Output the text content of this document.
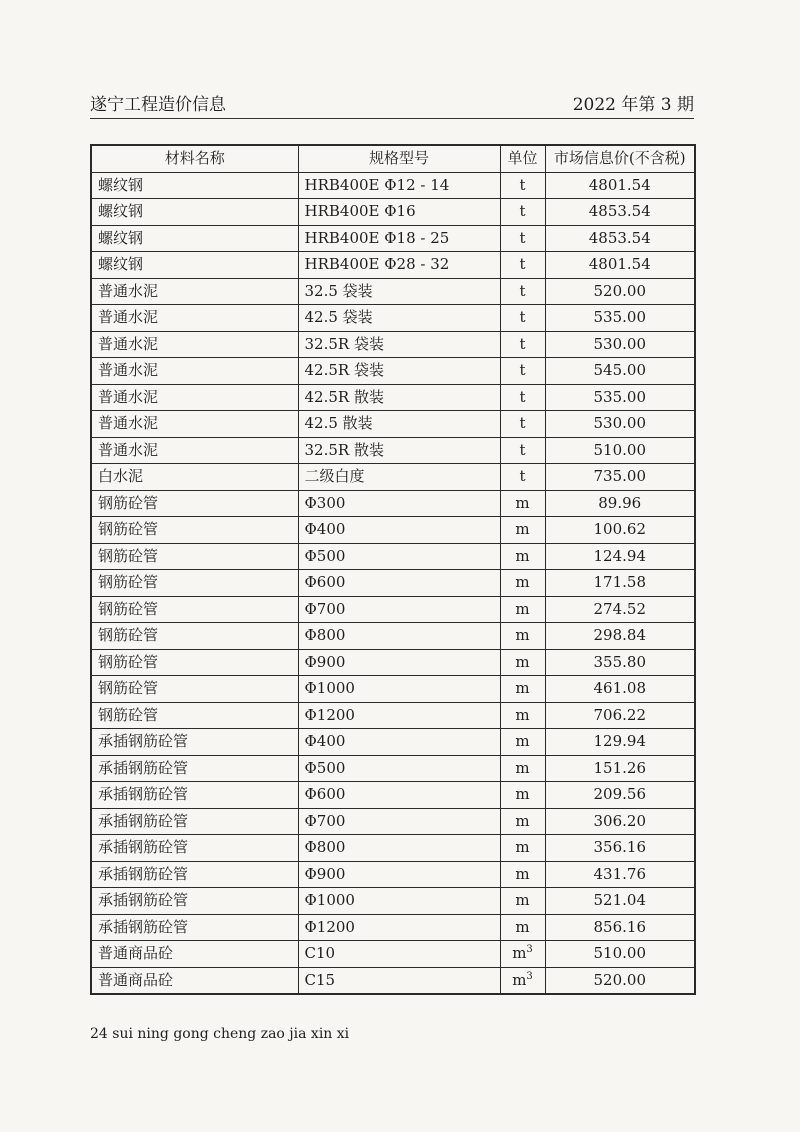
遂宁工程造价信息	2022 年第 3 期
材料名称	规格型号	单位	市场信息价(不含税)
螺纹钢	HRB400E Φ12 - 14	t	4801.54
螺纹钢	HRB400E Φ16	t	4853.54
螺纹钢	HRB400E Φ18 - 25	t	4853.54
螺纹钢	HRB400E Φ28 - 32	t	4801.54
普通水泥	32.5 袋装	t	520.00
普通水泥	42.5 袋装	t	535.00
普通水泥	32.5R 袋装	t	530.00
普通水泥	42.5R 袋装	t	545.00
普通水泥	42.5R 散装	t	535.00
普通水泥	42.5 散装	t	530.00
普通水泥	32.5R 散装	t	510.00
白水泥	二级白度	t	735.00
钢筋砼管	Φ300	m	89.96
钢筋砼管	Φ400	m	100.62
钢筋砼管	Φ500	m	124.94
钢筋砼管	Φ600	m	171.58
钢筋砼管	Φ700	m	274.52
钢筋砼管	Φ800	m	298.84
钢筋砼管	Φ900	m	355.80
钢筋砼管	Φ1000	m	461.08
钢筋砼管	Φ1200	m	706.22
承插钢筋砼管	Φ400	m	129.94
承插钢筋砼管	Φ500	m	151.26
承插钢筋砼管	Φ600	m	209.56
承插钢筋砼管	Φ700	m	306.20
承插钢筋砼管	Φ800	m	356.16
承插钢筋砼管	Φ900	m	431.76
承插钢筋砼管	Φ1000	m	521.04
承插钢筋砼管	Φ1200	m	856.16
普通商品砼	C10	$m^3$	510.00
普通商品砼	C15	$m^3$	520.00
24 sui ning gong cheng zao jia xin xi
